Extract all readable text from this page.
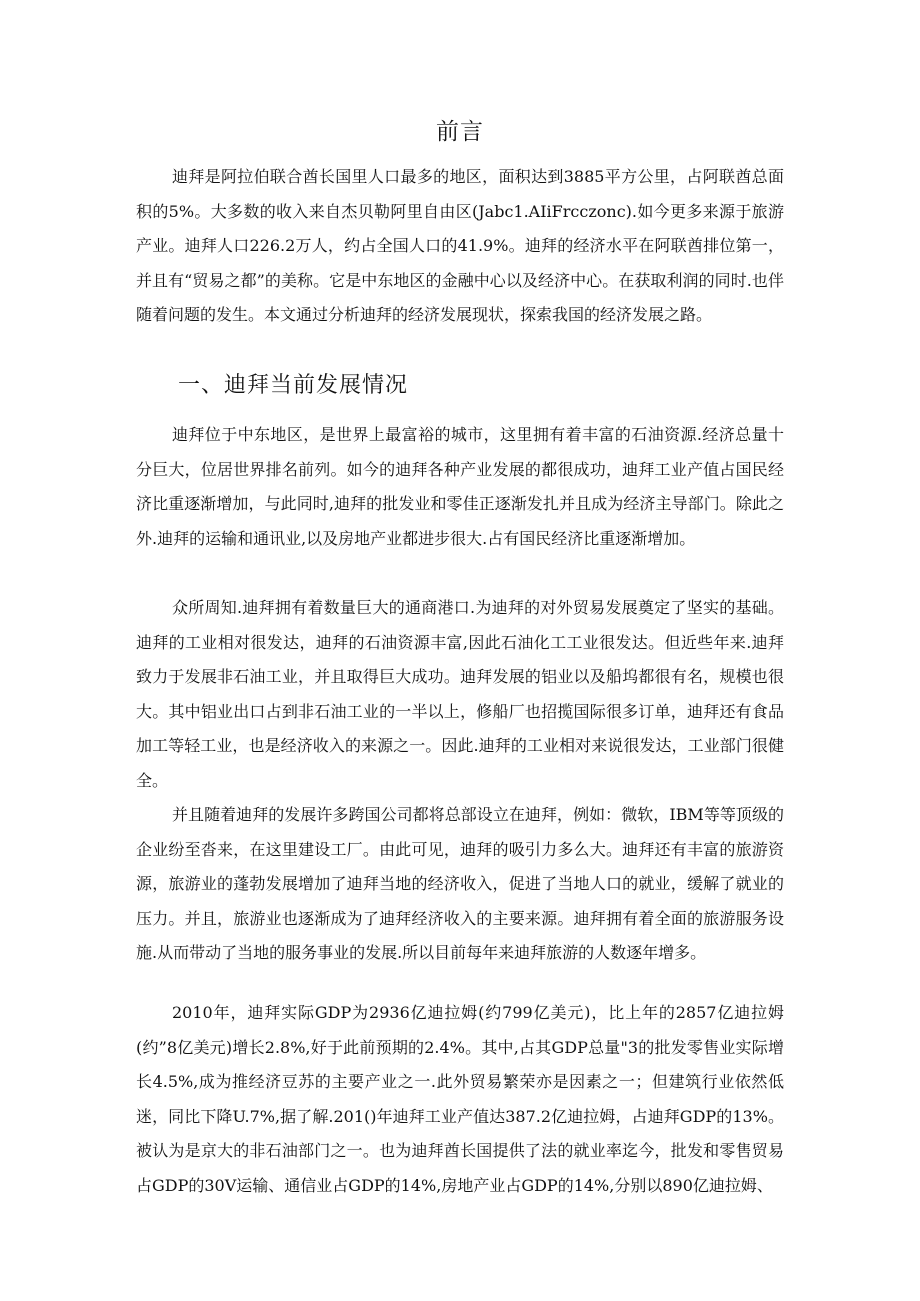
前言

迪拜是阿拉伯联合酋长国里人口最多的地区，面积达到3885平方公里，占阿联酋总面积的5%。大多数的收入来自杰贝勒阿里自由区(Jabc1.AIiFrcczonc).如今更多来源于旅游产业。迪拜人口226.2万人，约占全国人口的41.9%。迪拜的经济水平在阿联酋排位第一，并且有“贸易之都”的美称。它是中东地区的金融中心以及经济中心。在获取利润的同时.也伴随着问题的发生。本文通过分析迪拜的经济发展现状，探索我国的经济发展之路。

一、迪拜当前发展情况

迪拜位于中东地区，是世界上最富裕的城市，这里拥有着丰富的石油资源.经济总量十分巨大，位居世界排名前列。如今的迪拜各种产业发展的都很成功，迪拜工业产值占国民经济比重逐渐增加，与此同时,迪拜的批发业和零佳正逐渐发扎并且成为经济主导部门。除此之外.迪拜的运输和通讯业,以及房地产业都进步很大.占有国民经济比重逐渐增加。

众所周知.迪拜拥有着数量巨大的通商港口.为迪拜的对外贸易发展奠定了坚实的基础。迪拜的工业相对很发达，迪拜的石油资源丰富,因此石油化工工业很发达。但近些年来.迪拜致力于发展非石油工业，并且取得巨大成功。迪拜发展的铝业以及船坞都很有名，规模也很大。其中铝业出口占到非石油工业的一半以上，修船厂也招揽国际很多订单，迪拜还有食品加工等轻工业，也是经济收入的来源之一。因此.迪拜的工业相对来说很发达，工业部门很健全。

并且随着迪拜的发展许多跨国公司都将总部设立在迪拜，例如：微软，IBM等等顶级的企业纷至沓来，在这里建设工厂。由此可见，迪拜的吸引力多么大。迪拜还有丰富的旅游资源，旅游业的蓬勃发展增加了迪拜当地的经济收入，促进了当地人口的就业，缓解了就业的压力。并且，旅游业也逐渐成为了迪拜经济收入的主要来源。迪拜拥有着全面的旅游服务设施.从而带动了当地的服务事业的发展.所以目前每年来迪拜旅游的人数逐年增多。

2010年，迪拜实际GDP为2936亿迪拉姆(约799亿美元)，比上年的2857亿迪拉姆(约”8亿美元)增长2.8%,好于此前预期的2.4%。其中,占其GDP总量"3的批发零售业实际增长4.5%,成为推经济豆苏的主要产业之一.此外贸易繁荣亦是因素之一；但建筑行业依然低迷，同比下降U.7%,据了解.201()年迪拜工业产值达387.2亿迪拉姆，占迪拜GDP的13%。被认为是京大的非石油部门之一。也为迪拜酋长国提供了法的就业率迄今，批发和零售贸易占GDP的30V运输、通信业占GDP的14%,房地产业占GDP的14%,分别以890亿迪拉姆、
